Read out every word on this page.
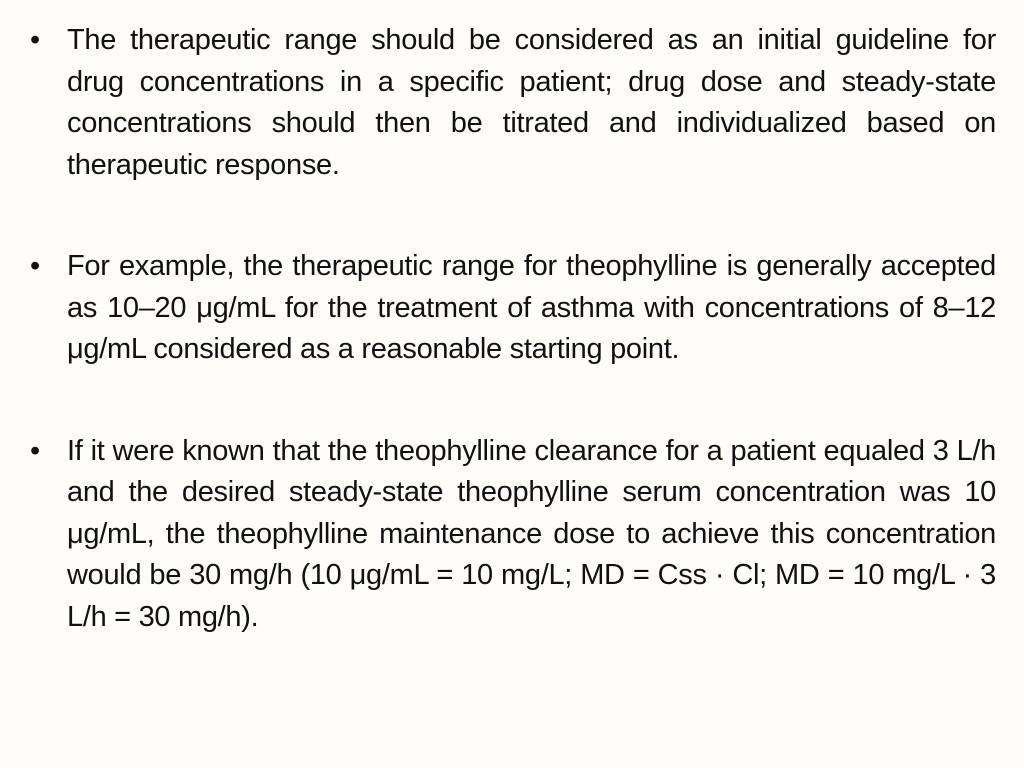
• The therapeutic range should be considered as an initial guideline for drug concentrations in a specific patient; drug dose and steady-state concentrations should then be titrated and individualized based on therapeutic response.
• For example, the therapeutic range for theophylline is generally accepted as 10–20 μg/mL for the treatment of asthma with concentrations of 8–12 μg/mL considered as a reasonable starting point.
• If it were known that the theophylline clearance for a patient equaled 3 L/h and the desired steady-state theophylline serum concentration was 10 μg/mL, the theophylline maintenance dose to achieve this concentration would be 30 mg/h (10 μg/mL = 10 mg/L; MD = Css · Cl; MD = 10 mg/L · 3 L/h = 30 mg/h).
